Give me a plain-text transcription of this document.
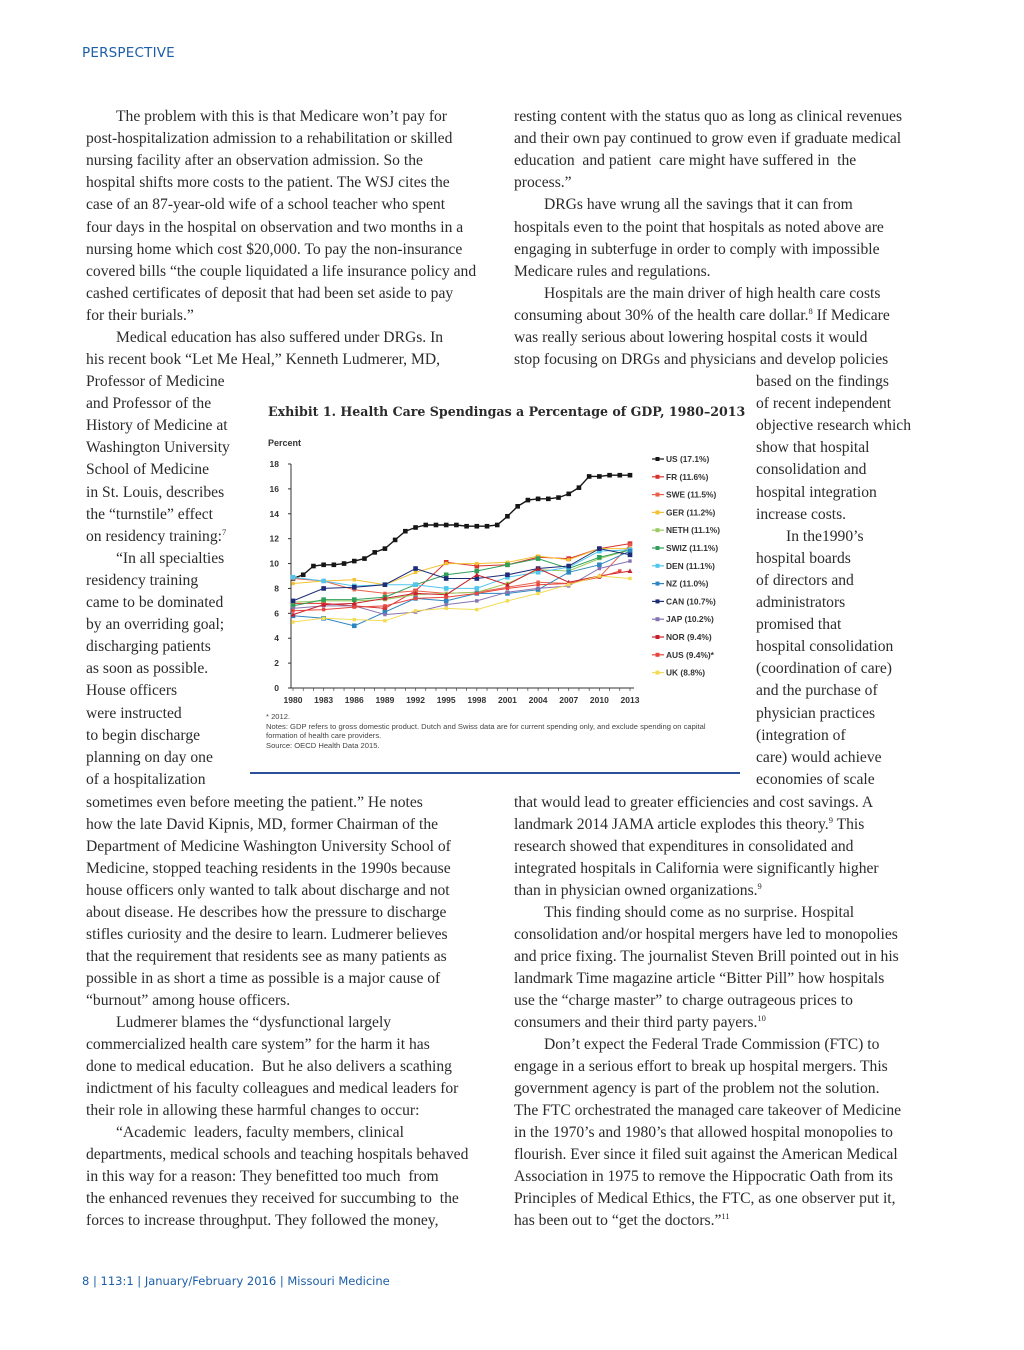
PERSPECTIVE
The problem with this is that Medicare won’t pay for
post-hospitalization admission to a rehabilitation or skilled
nursing facility after an observation admission. So the
hospital shifts more costs to the patient. The WSJ cites the
case of an 87-year-old wife of a school teacher who spent
four days in the hospital on observation and two months in a
nursing home which cost $20,000. To pay the non-insurance
covered bills “the couple liquidated a life insurance policy and
cashed certificates of deposit that had been set aside to pay
for their burials.”
Medical education has also suffered under DRGs. In
his recent book “Let Me Heal,” Kenneth Ludmerer, MD,
Professor of Medicine
and Professor of the
History of Medicine at
Washington University
School of Medicine
in St. Louis, describes
the “turnstile” effect
on residency training:$^7$
“In all specialties
residency training
came to be dominated
by an overriding goal;
discharging patients
as soon as possible.
House officers
were instructed
to begin discharge
planning on day one
of a hospitalization
sometimes even before meeting the patient.” He notes
how the late David Kipnis, MD, former Chairman of the
Department of Medicine Washington University School of
Medicine, stopped teaching residents in the 1990s because
house officers only wanted to talk about discharge and not
about disease. He describes how the pressure to discharge
stifles curiosity and the desire to learn. Ludmerer believes
that the requirement that residents see as many patients as
possible in as short a time as possible is a major cause of
“burnout” among house officers.
Ludmerer blames the “dysfunctional largely
commercialized health care system” for the harm it has
done to medical education.  But he also delivers a scathing
indictment of his faculty colleagues and medical leaders for
their role in allowing these harmful changes to occur:
“Academic  leaders, faculty members, clinical
departments, medical schools and teaching hospitals behaved
in this way for a reason: They benefitted too much  from
the enhanced revenues they received for succumbing to  the
forces to increase throughput. They followed the money,
resting content with the status quo as long as clinical revenues
and their own pay continued to grow even if graduate medical
education  and patient  care might have suffered in  the
process.”
DRGs have wrung all the savings that it can from
hospitals even to the point that hospitals as noted above are
engaging in subterfuge in order to comply with impossible
Medicare rules and regulations.
Hospitals are the main driver of high health care costs
consuming about 30% of the health care dollar.$^8$ If Medicare
was really serious about lowering hospital costs it would
stop focusing on DRGs and physicians and develop policies
based on the findings
of recent independent
objective research which
show that hospital
consolidation and
hospital integration
increase costs.
In the1990’s
hospital boards
of directors and
administrators
promised that
hospital consolidation
(coordination of care)
and the purchase of
physician practices
(integration of
care) would achieve
economies of scale
that would lead to greater efficiencies and cost savings. A
landmark 2014 JAMA article explodes this theory.$^9$ This
research showed that expenditures in consolidated and
integrated hospitals in California were significantly higher
than in physician owned organizations.$^9$
This finding should come as no surprise. Hospital
consolidation and/or hospital mergers have led to monopolies
and price fixing. The journalist Steven Brill pointed out in his
landmark Time magazine article “Bitter Pill” how hospitals
use the “charge master” to charge outrageous prices to
consumers and their third party payers.$^{10}$
Don’t expect the Federal Trade Commission (FTC) to
engage in a serious effort to break up hospital mergers. This
government agency is part of the problem not the solution.
The FTC orchestrated the managed care takeover of Medicine
in the 1970’s and 1980’s that allowed hospital monopolies to
flourish. Ever since it filed suit against the American Medical
Association in 1975 to remove the Hippocratic Oath from its
Principles of Medical Ethics, the FTC, as one observer put it,
has been out to “get the doctors.”$^{11}$
Percent
0
2
4
6
8
10
12
14
16
18
1980 1983 1986 1989 1992 1995 1998 2001 2004 2007 2010 2013
US (17.1%)
FR (11.6%)
SWE (11.5%)
GER (11.2%)
NETH (11.1%)
SWIZ (11.1%)
DEN (11.1%)
NZ (11.0%)
CAN (10.7%)
JAP (10.2%)
NOR (9.4%)
AUS (9.4%)*
UK (8.8%)
Exhibit 1. Health Care Spendingas a Percentage of GDP, 1980–2013
* 2012.
Notes: GDP refers to gross domestic product. Dutch and Swiss data are for current spending only, and exclude spending on capital
formation of health care providers.
Source: OECD Health Data 2015.
8 | 113:1 | January/February 2016 | Missouri Medicine
